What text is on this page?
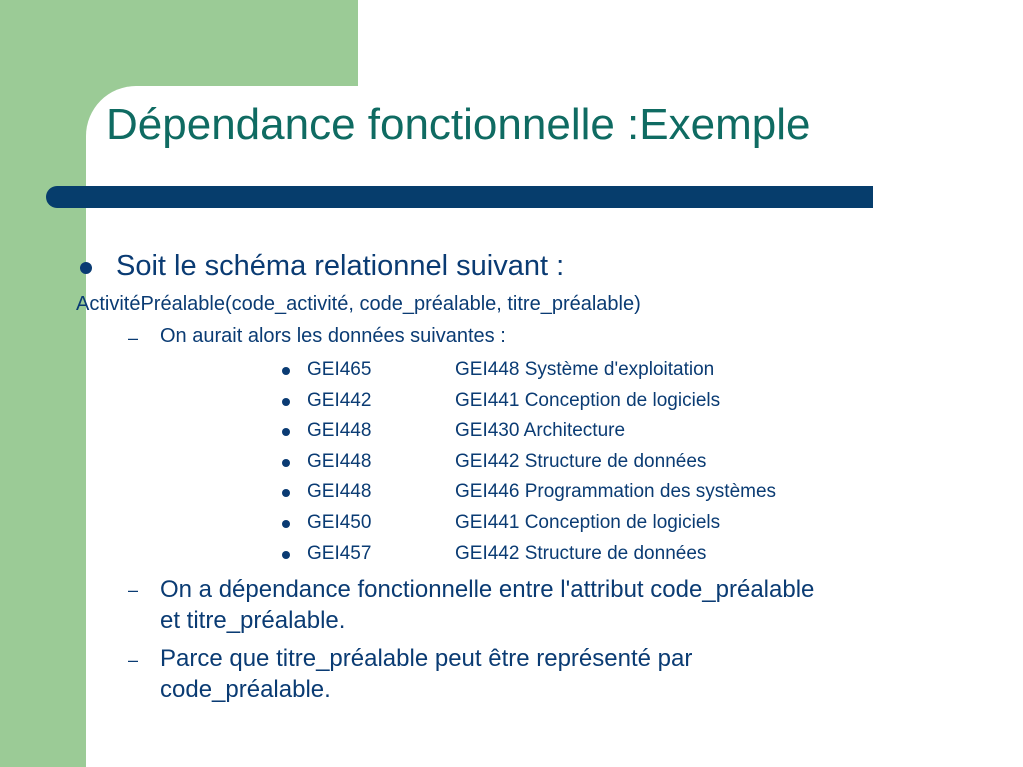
Dépendance fonctionnelle :Exemple

Soit le schéma relationnel suivant :

ActivitéPréalable(code_activité, code_préalable, titre_préalable)

– On aurait alors les données suivantes :

GEI465	GEI448 Système d'exploitation
GEI442	GEI441 Conception de logiciels
GEI448	GEI430 Architecture
GEI448	GEI442 Structure de données
GEI448	GEI446 Programmation des systèmes
GEI450	GEI441 Conception de logiciels
GEI457	GEI442 Structure de données
– On a dépendance fonctionnelle entre l'attribut code_préalable
et titre_préalable.
– Parce que titre_préalable peut être représenté par
code_préalable.
